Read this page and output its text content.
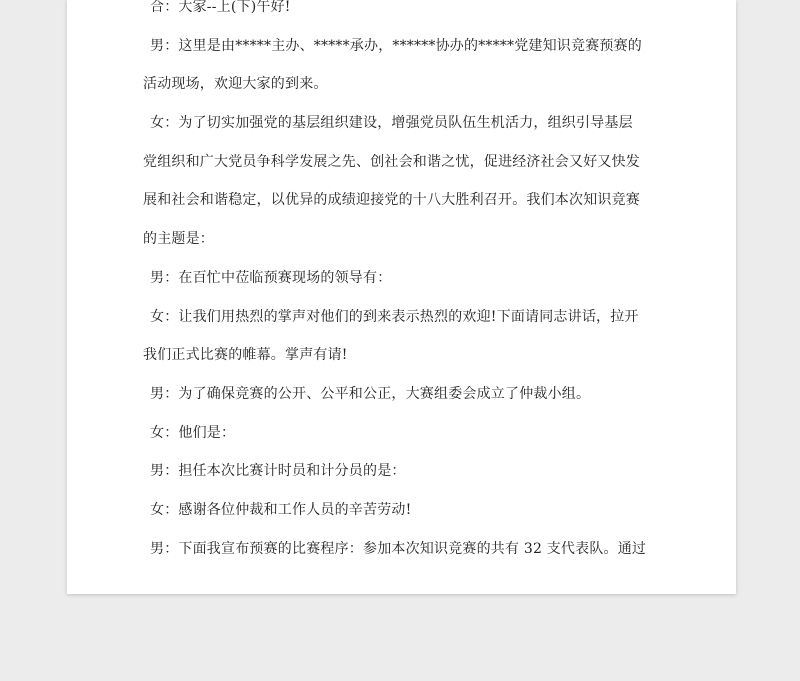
合：大家--上(下)午好!
男：这里是由*****主办、*****承办，******协办的*****党建知识竞赛预赛的
活动现场，欢迎大家的到来。
女：为了切实加强党的基层组织建设，增强党员队伍生机活力，组织引导基层
党组织和广大党员争科学发展之先、创社会和谐之忧，促进经济社会又好又快发
展和社会和谐稳定，以优异的成绩迎接党的十八大胜利召开。我们本次知识竞赛
的主题是：
男：在百忙中莅临预赛现场的领导有：
女：让我们用热烈的掌声对他们的到来表示热烈的欢迎!下面请同志讲话，拉开
我们正式比赛的帷幕。掌声有请!
男：为了确保竞赛的公开、公平和公正，大赛组委会成立了仲裁小组。
女：他们是：
男：担任本次比赛计时员和计分员的是：
女：感谢各位仲裁和工作人员的辛苦劳动!
男：下面我宣布预赛的比赛程序：参加本次知识竞赛的共有 32 支代表队。通过
